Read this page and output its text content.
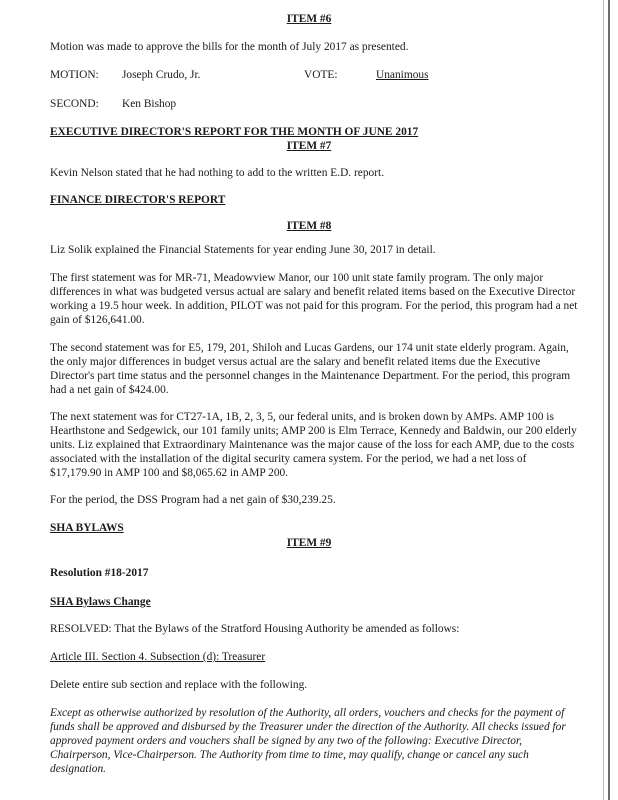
ITEM #6
Motion was made to approve the bills for the month of July 2017 as presented.
MOTION: Joseph Crudo, Jr.	VOTE:	Unanimous
SECOND: Ken Bishop
EXECUTIVE DIRECTOR'S REPORT FOR THE MONTH OF JUNE 2017
ITEM #7
Kevin Nelson stated that he had nothing to add to the written E.D. report.
FINANCE DIRECTOR'S REPORT
ITEM #8
Liz Solik explained the Financial Statements for year ending June 30, 2017 in detail.
The first statement was for MR-71, Meadowview Manor, our 100 unit state family program. The only major differences in what was budgeted versus actual are salary and benefit related items based on the Executive Director working a 19.5 hour week. In addition, PILOT was not paid for this program. For the period, this program had a net gain of $126,641.00.
The second statement was for E5, 179, 201, Shiloh and Lucas Gardens, our 174 unit state elderly program. Again, the only major differences in budget versus actual are the salary and benefit related items due the Executive Director's part time status and the personnel changes in the Maintenance Department. For the period, this program had a net gain of $424.00.
The next statement was for CT27-1A, 1B, 2, 3, 5, our federal units, and is broken down by AMPs. AMP 100 is Hearthstone and Sedgewick, our 101 family units; AMP 200 is Elm Terrace, Kennedy and Baldwin, our 200 elderly units. Liz explained that Extraordinary Maintenance was the major cause of the loss for each AMP, due to the costs associated with the installation of the digital security camera system. For the period, we had a net loss of $17,179.90 in AMP 100 and $8,065.62 in AMP 200.
For the period, the DSS Program had a net gain of $30,239.25.
SHA BYLAWS
ITEM #9
Resolution #18-2017
SHA Bylaws Change
RESOLVED: That the Bylaws of the Stratford Housing Authority be amended as follows:
Article III. Section 4. Subsection (d): Treasurer
Delete entire sub section and replace with the following.
Except as otherwise authorized by resolution of the Authority, all orders, vouchers and checks for the payment of funds shall be approved and disbursed by the Treasurer under the direction of the Authority. All checks issued for approved payment orders and vouchers shall be signed by any two of the following: Executive Director, Chairperson, Vice-Chairperson. The Authority from time to time, may qualify, change or cancel any such designation.
